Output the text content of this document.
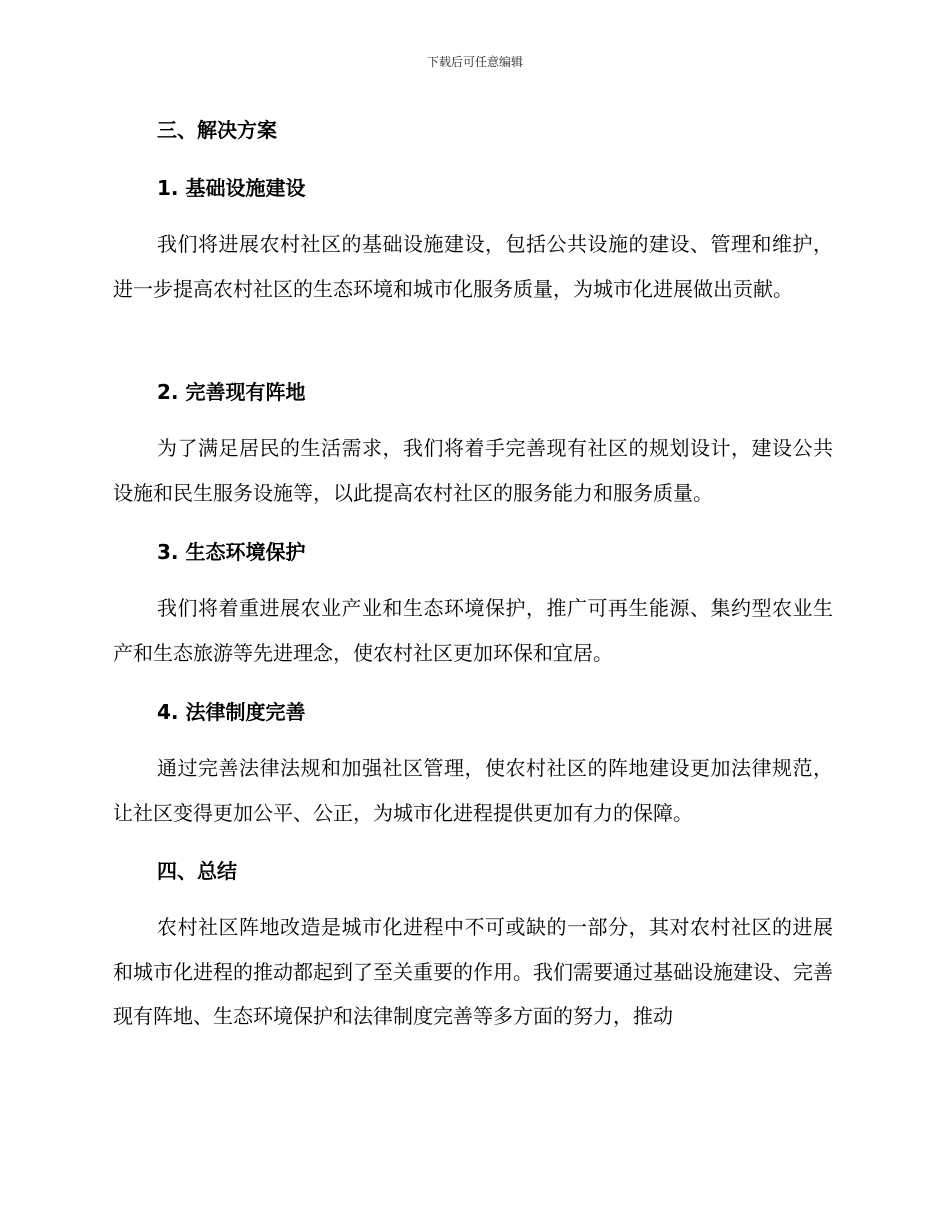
下载后可任意编辑
三、解决方案
1. 基础设施建设

我们将进展农村社区的基础设施建设，包括公共设施的建设、管理和维护，进一步提高农村社区的生态环境和城市化服务质量，为城市化进展做出贡献。

2. 完善现有阵地

为了满足居民的生活需求，我们将着手完善现有社区的规划设计，建设公共设施和民生服务设施等，以此提高农村社区的服务能力和服务质量。

3. 生态环境保护

我们将着重进展农业产业和生态环境保护，推广可再生能源、集约型农业生产和生态旅游等先进理念，使农村社区更加环保和宜居。

4. 法律制度完善

通过完善法律法规和加强社区管理，使农村社区的阵地建设更加法律规范，让社区变得更加公平、公正，为城市化进程提供更加有力的保障。

四、总结

农村社区阵地改造是城市化进程中不可或缺的一部分，其对农村社区的进展和城市化进程的推动都起到了至关重要的作用。我们需要通过基础设施建设、完善现有阵地、生态环境保护和法律制度完善等多方面的努力，推动
